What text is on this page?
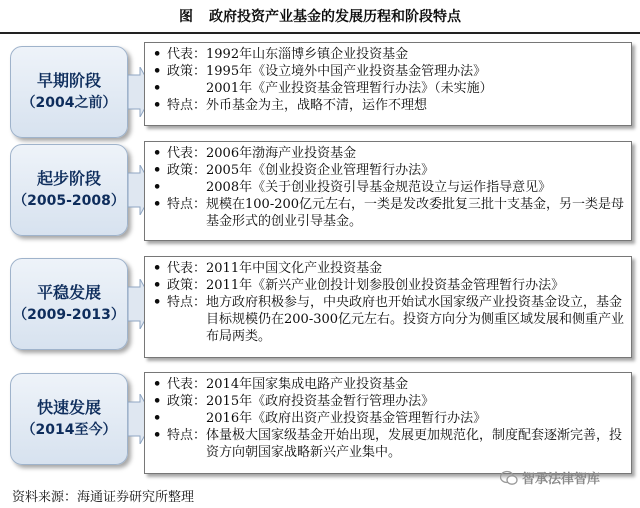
图 政府投资产业基金的发展历程和阶段特点
早期阶段
（2004之前）
• 代表： 1992年山东淄博乡镇企业投资基金
• 政策： 1995年《设立境外中国产业投资基金管理办法》
•	2001年《产业投资基金管理暂行办法》（未实施）
• 特点： 外币基金为主，战略不清，运作不理想
起步阶段
（2005-2008）
• 代表： 2006年渤海产业投资基金
• 政策： 2005年《创业投资企业管理暂行办法》
•	2008年《关于创业投资引导基金规范设立与运作指导意见》
• 特点： 规模在100-200亿元左右，一类是发改委批复三批十支基金，另一类是母基金形式的创业引导基金。
平稳发展
（2009-2013）
• 代表： 2011年中国文化产业投资基金
• 政策： 2011年《新兴产业创投计划参股创业投资基金管理暂行办法》
• 特点： 地方政府积极参与，中央政府也开始试水国家级产业投资基金设立，基金目标规模仍在200-300亿元左右。投资方向分为侧重区域发展和侧重产业布局两类。
快速发展
（2014至今）
• 代表： 2014年国家集成电路产业投资基金
• 政策： 2015年《政府投资基金暂行管理办法》
•	2016年《政府出资产业投资基金管理暂行办法》
• 特点： 体量极大国家级基金开始出现，发展更加规范化，制度配套逐渐完善，投资方向朝国家战略新兴产业集中。
资料来源：海通证券研究所整理
智承法律智库
